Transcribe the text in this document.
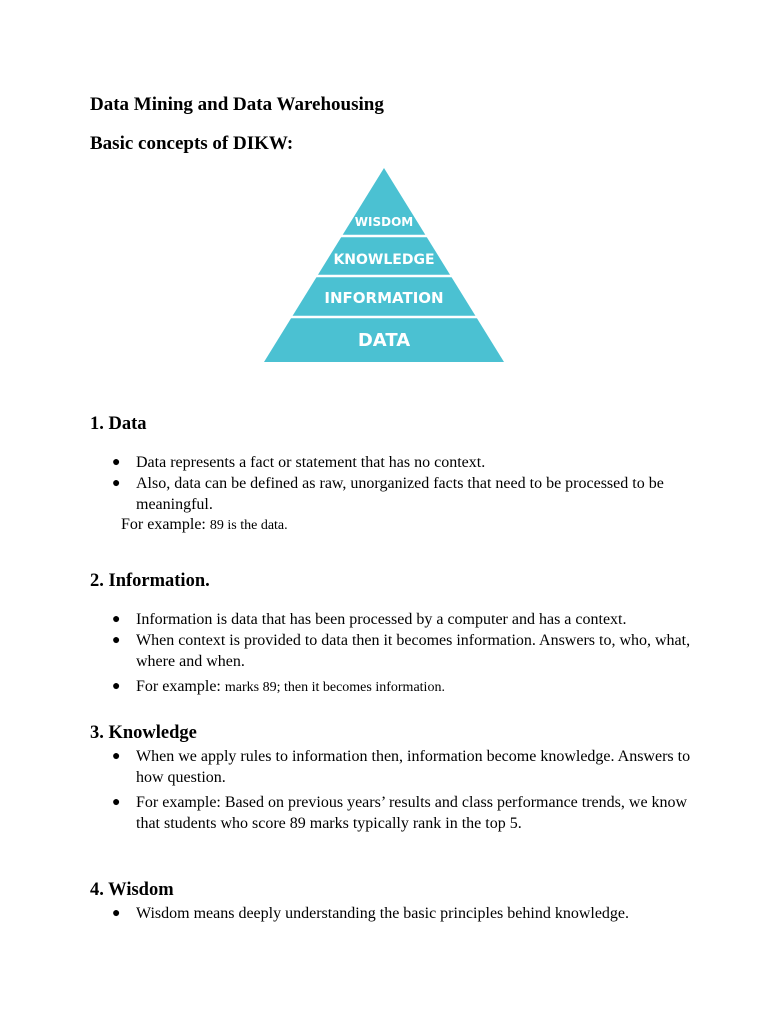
Data Mining and Data Warehousing
Basic concepts of DIKW:
WISDOM
KNOWLEDGE
INFORMATION
DATA
1. Data
● Data represents a fact or statement that has no context.
● Also, data can be defined as raw, unorganized facts that need to be processed to be meaningful.
For example: 89 is the data.
2. Information.
● Information is data that has been processed by a computer and has a context.
● When context is provided to data then it becomes information. Answers to, who, what, where and when.
● For example: marks 89; then it becomes information.
3. Knowledge
● When we apply rules to information then, information become knowledge. Answers to how question.
● For example: Based on previous years’ results and class performance trends, we know that students who score 89 marks typically rank in the top 5.
4. Wisdom
● Wisdom means deeply understanding the basic principles behind knowledge.
